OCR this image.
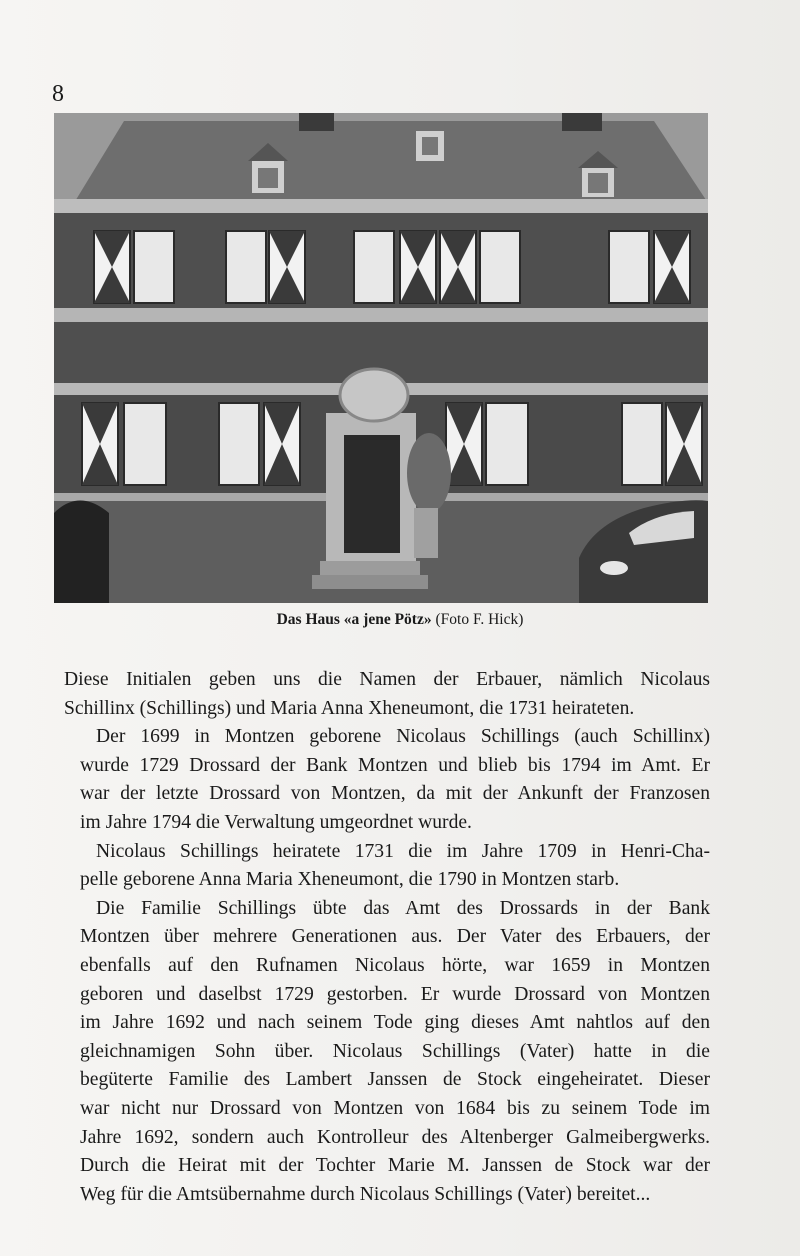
8
Das Haus «a jene Pötz» (Foto F. Hick)

Diese Initialen geben uns die Namen der Erbauer, nämlich Nicolaus
Schillinx (Schillings) und Maria Anna Xheneumont, die 1731 heirateten.

Der 1699 in Montzen geborene Nicolaus Schillings (auch Schillinx)
wurde 1729 Drossard der Bank Montzen und blieb bis 1794 im Amt. Er
war der letzte Drossard von Montzen, da mit der Ankunft der Franzosen
im Jahre 1794 die Verwaltung umgeordnet wurde.

Nicolaus Schillings heiratete 1731 die im Jahre 1709 in Henri-Cha-
pelle geborene Anna Maria Xheneumont, die 1790 in Montzen starb.

Die Familie Schillings übte das Amt des Drossards in der Bank
Montzen über mehrere Generationen aus. Der Vater des Erbauers, der
ebenfalls auf den Rufnamen Nicolaus hörte, war 1659 in Montzen
geboren und daselbst 1729 gestorben. Er wurde Drossard von Montzen
im Jahre 1692 und nach seinem Tode ging dieses Amt nahtlos auf den
gleichnamigen Sohn über. Nicolaus Schillings (Vater) hatte in die
begüterte Familie des Lambert Janssen de Stock eingeheiratet. Dieser
war nicht nur Drossard von Montzen von 1684 bis zu seinem Tode im
Jahre 1692, sondern auch Kontrolleur des Altenberger Galmeibergwerks.
Durch die Heirat mit der Tochter Marie M. Janssen de Stock war der
Weg für die Amtsübernahme durch Nicolaus Schillings (Vater) bereitet...
